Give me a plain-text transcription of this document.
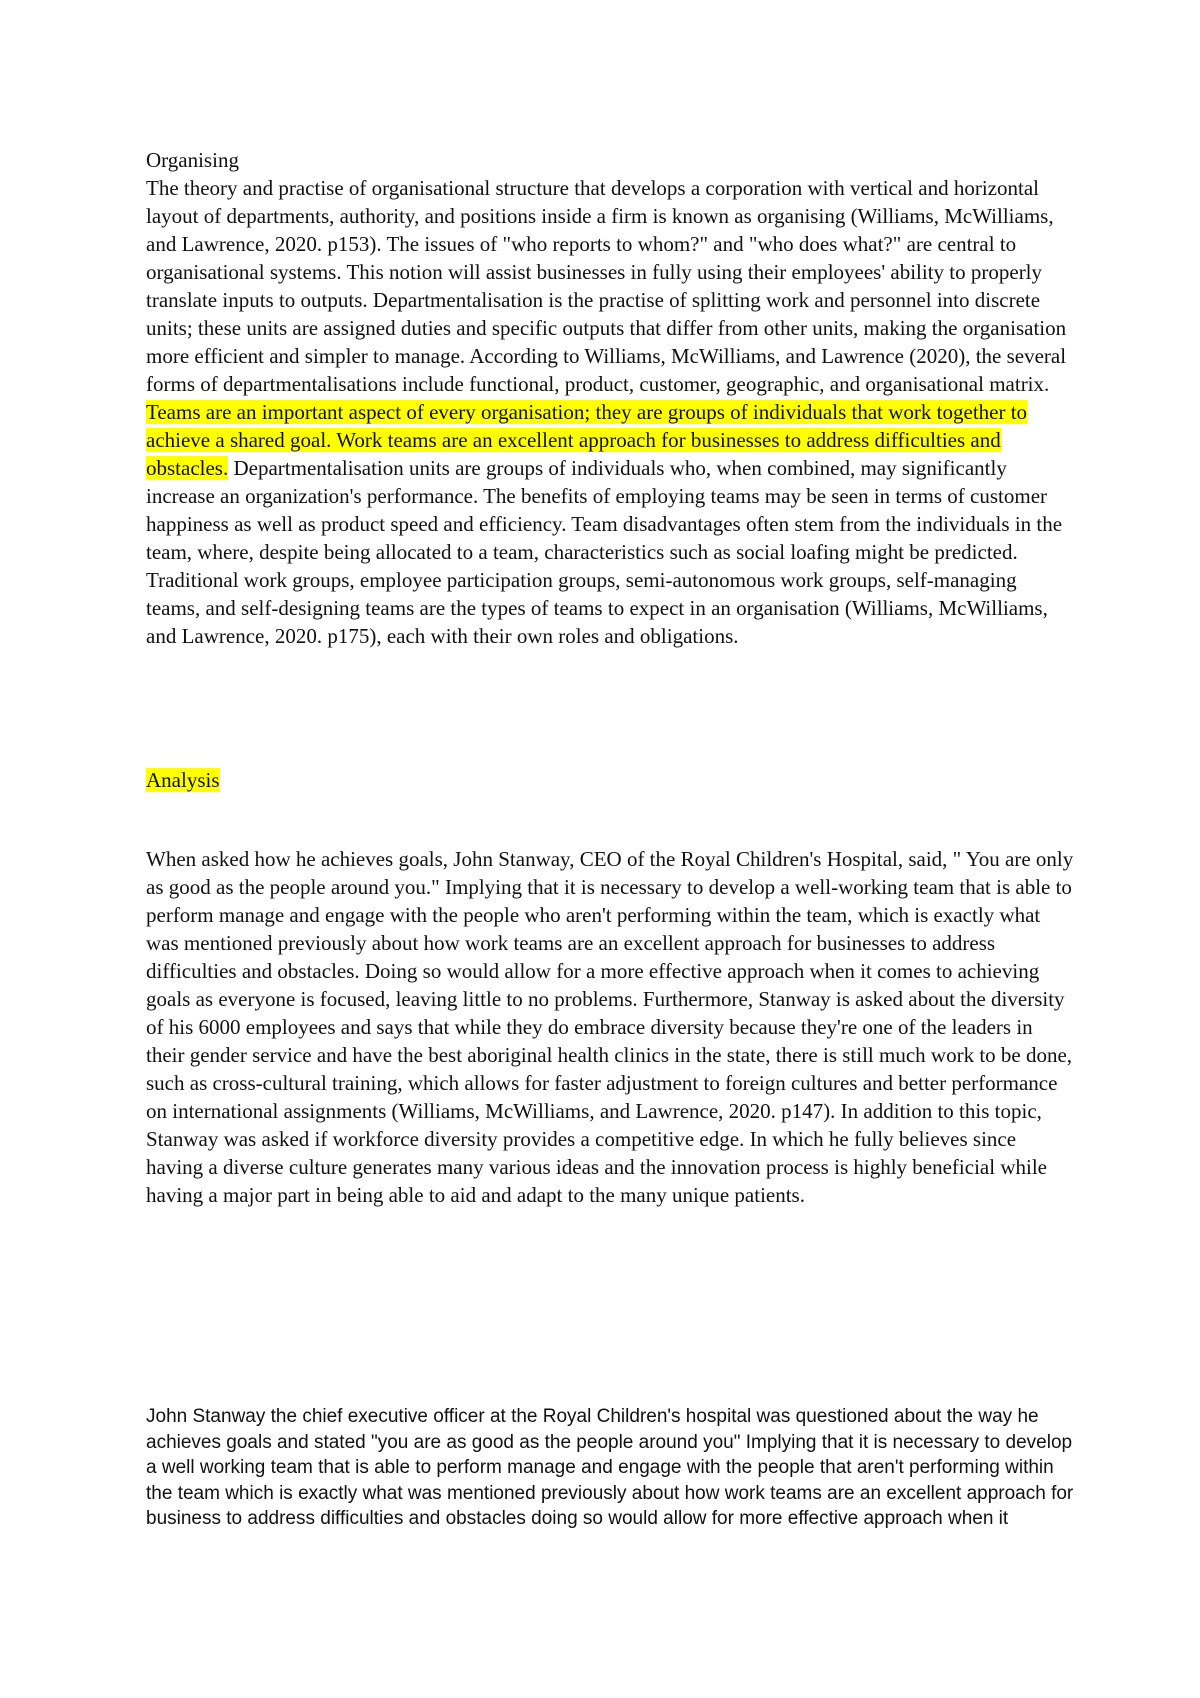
Organising

The theory and practise of organisational structure that develops a corporation with vertical and horizontal layout of departments, authority, and positions inside a firm is known as organising (Williams, McWilliams, and Lawrence, 2020. p153). The issues of "who reports to whom?" and "who does what?" are central to organisational systems. This notion will assist businesses in fully using their employees' ability to properly translate inputs to outputs. Departmentalisation is the practise of splitting work and personnel into discrete units; these units are assigned duties and specific outputs that differ from other units, making the organisation more efficient and simpler to manage. According to Williams, McWilliams, and Lawrence (2020), the several forms of departmentalisations include functional, product, customer, geographic, and organisational matrix. Teams are an important aspect of every organisation; they are groups of individuals that work together to achieve a shared goal. Work teams are an excellent approach for businesses to address difficulties and obstacles. Departmentalisation units are groups of individuals who, when combined, may significantly increase an organization's performance. The benefits of employing teams may be seen in terms of customer happiness as well as product speed and efficiency. Team disadvantages often stem from the individuals in the team, where, despite being allocated to a team, characteristics such as social loafing might be predicted. Traditional work groups, employee participation groups, semi-autonomous work groups, self-managing teams, and self-designing teams are the types of teams to expect in an organisation (Williams, McWilliams, and Lawrence, 2020. p175), each with their own roles and obligations.

Analysis

When asked how he achieves goals, John Stanway, CEO of the Royal Children's Hospital, said, " You are only as good as the people around you." Implying that it is necessary to develop a well-working team that is able to perform manage and engage with the people who aren't performing within the team, which is exactly what was mentioned previously about how work teams are an excellent approach for businesses to address difficulties and obstacles. Doing so would allow for a more effective approach when it comes to achieving goals as everyone is focused, leaving little to no problems. Furthermore, Stanway is asked about the diversity of his 6000 employees and says that while they do embrace diversity because they're one of the leaders in their gender service and have the best aboriginal health clinics in the state, there is still much work to be done, such as cross-cultural training, which allows for faster adjustment to foreign cultures and better performance on international assignments (Williams, McWilliams, and Lawrence, 2020. p147). In addition to this topic, Stanway was asked if workforce diversity provides a competitive edge. In which he fully believes since having a diverse culture generates many various ideas and the innovation process is highly beneficial while having a major part in being able to aid and adapt to the many unique patients.

John Stanway the chief executive officer at the Royal Children's hospital was questioned about the way he achieves goals and stated "you are as good as the people around you" Implying that it is necessary to develop a well working team that is able to perform manage and engage with the people that aren't performing within the team which is exactly what was mentioned previously about how work teams are an excellent approach for business to address difficulties and obstacles doing so would allow for more effective approach when it
